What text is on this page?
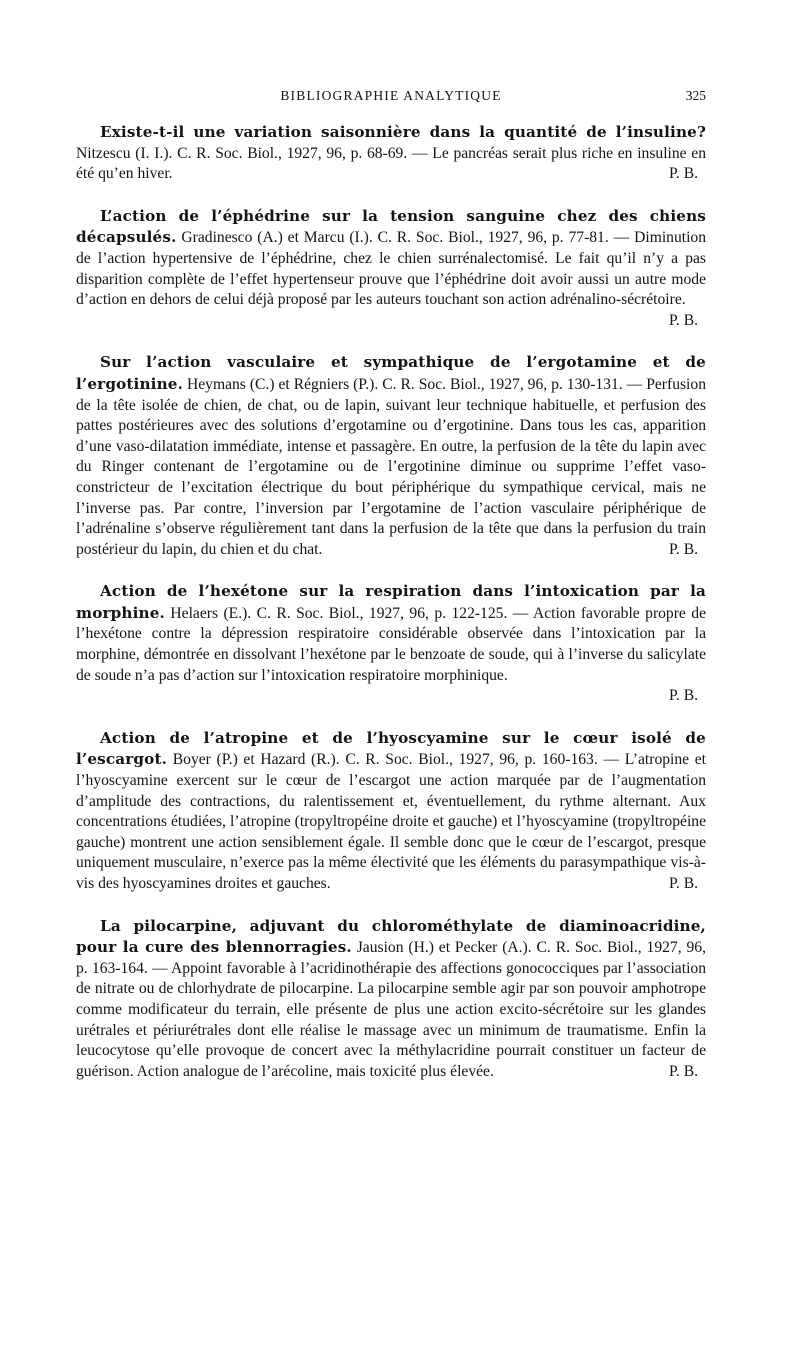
BIBLIOGRAPHIE ANALYTIQUE	325

Existe-t-il une variation saisonnière dans la quantité de l’insuline? Nitzescu (I. I.). C. R. Soc. Biol., 1927, 96, p. 68-69. — Le pancréas serait plus riche en insuline en été qu’en hiver.	P. B.

L’action de l’éphédrine sur la tension sanguine chez des chiens décapsulés. Gradinesco (A.) et Marcu (I.). C. R. Soc. Biol., 1927, 96, p. 77-81. — Diminution de l’action hypertensive de l’éphédrine, chez le chien surrénalectomisé. Le fait qu’il n’y a pas disparition complète de l’effet hypertenseur prouve que l’éphédrine doit avoir aussi un autre mode d’action en dehors de celui déjà proposé par les auteurs touchant son action adrénalino-sécrétoire.
P. B.

Sur l’action vasculaire et sympathique de l’ergotamine et de l’ergotinine. Heymans (C.) et Régniers (P.). C. R. Soc. Biol., 1927, 96, p. 130-131. — Perfusion de la tête isolée de chien, de chat, ou de lapin, suivant leur technique habituelle, et perfusion des pattes postérieures avec des solutions d’ergotamine ou d’ergotinine. Dans tous les cas, apparition d’une vaso-dilatation immédiate, intense et passagère. En outre, la perfusion de la tête du lapin avec du Ringer contenant de l’ergotamine ou de l’ergotinine diminue ou supprime l’effet vaso-constricteur de l’excitation électrique du bout périphérique du sympathique cervical, mais ne l’inverse pas. Par contre, l’inversion par l’ergotamine de l’action vasculaire périphérique de l’adrénaline s’observe régulièrement tant dans la perfusion de la tête que dans la perfusion du train postérieur du lapin, du chien et du chat.	P. B.

Action de l’hexétone sur la respiration dans l’intoxication par la morphine. Helaers (E.). C. R. Soc. Biol., 1927, 96, p. 122-125. — Action favorable propre de l’hexétone contre la dépression respiratoire considérable observée dans l’intoxication par la morphine, démontrée en dissolvant l’hexétone par le benzoate de soude, qui à l’inverse du salicylate de soude n’a pas d’action sur l’intoxication respiratoire morphinique.
P. B.

Action de l’atropine et de l’hyoscyamine sur le cœur isolé de l’escargot. Boyer (P.) et Hazard (R.). C. R. Soc. Biol., 1927, 96, p. 160-163. — L’atropine et l’hyoscyamine exercent sur le cœur de l’escargot une action marquée par de l’augmentation d’amplitude des contractions, du ralentissement et, éventuellement, du rythme alternant. Aux concentrations étudiées, l’atropine (tropyltropéine droite et gauche) et l’hyoscyamine (tropyltropéine gauche) montrent une action sensiblement égale. Il semble donc que le cœur de l’escargot, presque uniquement musculaire, n’exerce pas la même électivité que les éléments du parasympathique vis-à-vis des hyoscyamines droites et gauches.	P. B.

La pilocarpine, adjuvant du chlorométhylate de diaminoacridine, pour la cure des blennorragies. Jausion (H.) et Pecker (A.). C. R. Soc. Biol., 1927, 96, p. 163-164. — Appoint favorable à l’acridinothérapie des affections gonococciques par l’association de nitrate ou de chlorhydrate de pilocarpine. La pilocarpine semble agir par son pouvoir amphotrope comme modificateur du terrain, elle présente de plus une action excito-sécrétoire sur les glandes urétrales et périurétrales dont elle réalise le massage avec un minimum de traumatisme. Enfin la leucocytose qu’elle provoque de concert avec la méthylacridine pourrait constituer un facteur de guérison. Action analogue de l’arécoline, mais toxicité plus élevée.	P. B.
